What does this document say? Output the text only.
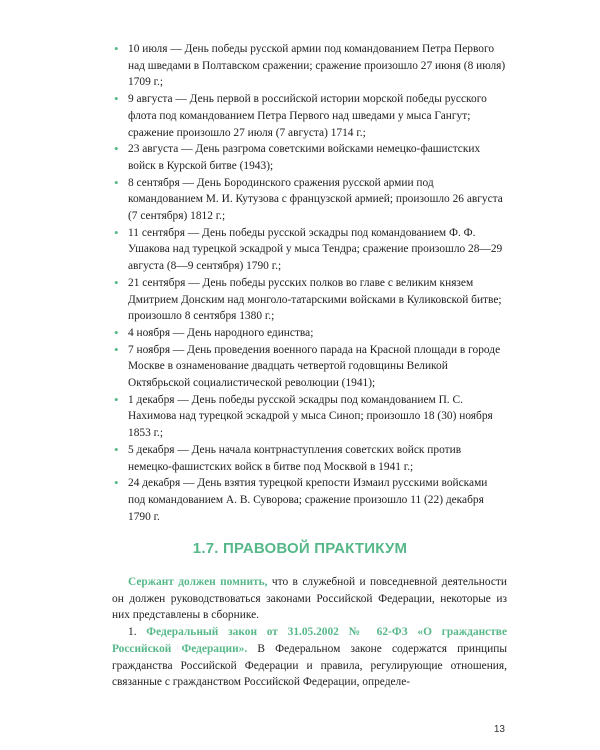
• 10 июля — День победы русской армии под командованием Петра Первого над шведами в Полтавском сражении; сражение произошло 27 июня (8 июля) 1709 г.;
• 9 августа — День первой в российской истории морской победы русского флота под командованием Петра Первого над шведами у мыса Гангут; сражение произошло 27 июля (7 августа) 1714 г.;
• 23 августа — День разгрома советскими войсками немецко-фашистских войск в Курской битве (1943);
• 8 сентября — День Бородинского сражения русской армии под командованием М. И. Кутузова с французской армией; произошло 26 августа (7 сентября) 1812 г.;
• 11 сентября — День победы русской эскадры под командованием Ф. Ф. Ушакова над турецкой эскадрой у мыса Тендра; сражение произошло 28—29 августа (8—9 сентября) 1790 г.;
• 21 сентября — День победы русских полков во главе с великим князем Дмитрием Донским над монголо-татарскими войсками в Куликовской битве; произошло 8 сентября 1380 г.;
• 4 ноября — День народного единства;
• 7 ноября — День проведения военного парада на Красной площади в городе Москве в ознаменование двадцать четвертой годовщины Великой Октябрьской социалистической революции (1941);
• 1 декабря — День победы русской эскадры под командованием П. С. Нахимова над турецкой эскадрой у мыса Синоп; произошло 18 (30) ноября 1853 г.;
• 5 декабря — День начала контрнаступления советских войск против немецко-фашистских войск в битве под Москвой в 1941 г.;
• 24 декабря — День взятия турецкой крепости Измаил русскими войсками под командованием А. В. Суворова; сражение произошло 11 (22) декабря 1790 г.
1.7. ПРАВОВОЙ ПРАКТИКУМ

Сержант должен помнить, что в служебной и повседневной деятельности он должен руководствоваться законами Российской Федерации, некоторые из них представлены в сборнике.

1. Федеральный закон от 31.05.2002 № 62-ФЗ «О гражданстве Российской Федерации». В Федеральном законе содержатся принципы гражданства Российской Федерации и правила, регулирующие отношения, связанные с гражданством Российской Федерации, определе-

13
